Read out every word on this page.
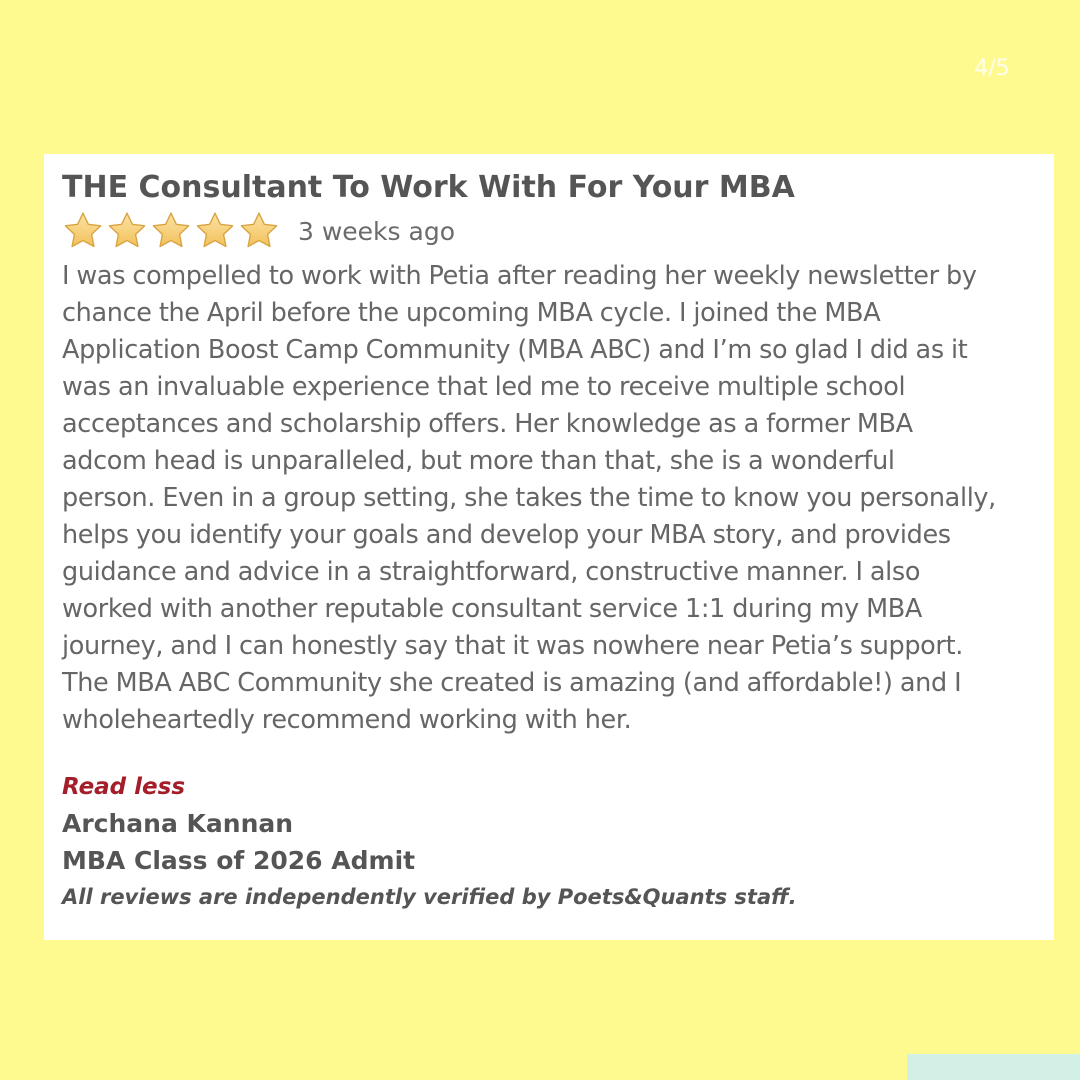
4/5
THE Consultant To Work With For Your MBA
3 weeks ago
I was compelled to work with Petia after reading her weekly newsletter by
chance the April before the upcoming MBA cycle. I joined the MBA
Application Boost Camp Community (MBA ABC) and I’m so glad I did as it
was an invaluable experience that led me to receive multiple school
acceptances and scholarship offers. Her knowledge as a former MBA
adcom head is unparalleled, but more than that, she is a wonderful
person. Even in a group setting, she takes the time to know you personally,
helps you identify your goals and develop your MBA story, and provides
guidance and advice in a straightforward, constructive manner. I also
worked with another reputable consultant service 1:1 during my MBA
journey, and I can honestly say that it was nowhere near Petia’s support.
The MBA ABC Community she created is amazing (and affordable!) and I
wholeheartedly recommend working with her.
Read less
Archana Kannan
MBA Class of 2026 Admit
All reviews are independently verified by Poets&Quants staff.
